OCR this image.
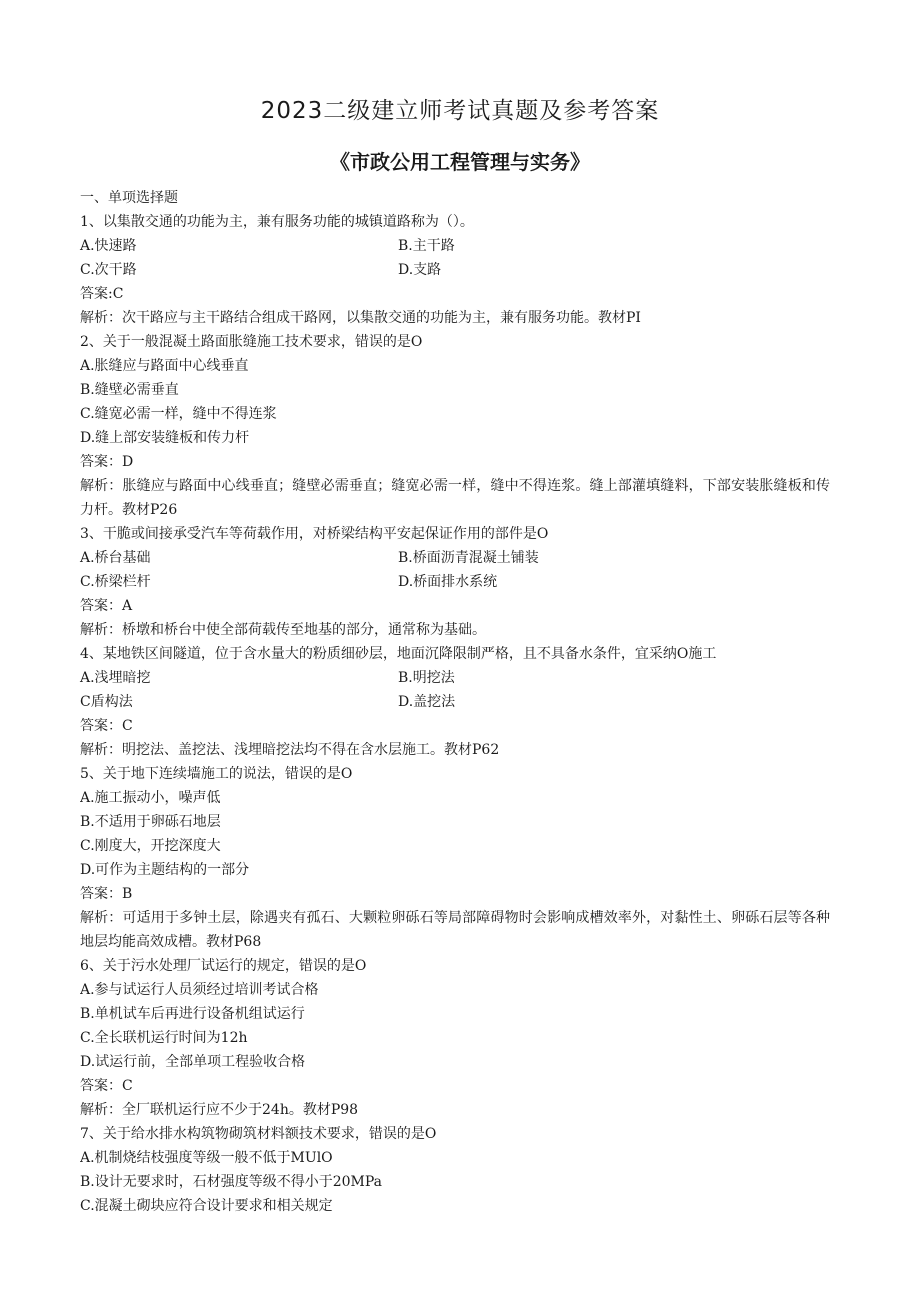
2023二级建立师考试真题及参考答案
《市政公用工程管理与实务》
一、单项选择题
1、以集散交通的功能为主，兼有服务功能的城镇道路称为（）。
A.快速路	B.主干路
C.次干路	D.支路
答案:C
解析：次干路应与主干路结合组成干路网，以集散交通的功能为主，兼有服务功能。教材PI
2、关于一般混凝土路面胀缝施工技术要求，错误的是O
A.胀缝应与路面中心线垂直
B.缝壁必需垂直
C.缝宽必需一样，缝中不得连浆
D.缝上部安装缝板和传力杆
答案：D
解析：胀缝应与路面中心线垂直；缝壁必需垂直；缝宽必需一样，缝中不得连浆。缝上部灌填缝料，下部安装胀缝板和传力杆。教材P26
3、干脆或间接承受汽车等荷载作用，对桥梁结构平安起保证作用的部件是O
A.桥台基础	B.桥面沥青混凝土铺装
C.桥梁栏杆	D.桥面排水系统
答案：A
解析：桥墩和桥台中使全部荷载传至地基的部分，通常称为基础。
4、某地铁区间隧道，位于含水量大的粉质细砂层，地面沉降限制严格，且不具备水条件，宜采纳O施工
A.浅埋暗挖	B.明挖法
C盾构法	D.盖挖法
答案：C
解析：明挖法、盖挖法、浅埋暗挖法均不得在含水层施工。教材P62
5、关于地下连续墙施工的说法，错误的是O
A.施工振动小，噪声低
B.不适用于卵砾石地层
C.刚度大，开挖深度大
D.可作为主题结构的一部分
答案：B
解析：可适用于多钟土层，除遇夹有孤石、大颗粒卵砾石等局部障碍物时会影响成槽效率外，对黏性土、卵砾石层等各种地层均能高效成槽。教材P68
6、关于污水处理厂试运行的规定，错误的是O
A.参与试运行人员须经过培训考试合格
B.单机试车后再进行设备机组试运行
C.全长联机运行时间为12h
D.试运行前，全部单项工程验收合格
答案：C
解析：全厂联机运行应不少于24h。教材P98
7、关于给水排水构筑物砌筑材料额技术要求，错误的是O
A.机制烧结枝强度等级一般不低于MUlO
B.设计无要求时，石材强度等级不得小于20MPa
C.混凝土砌块应符合设计要求和相关规定
